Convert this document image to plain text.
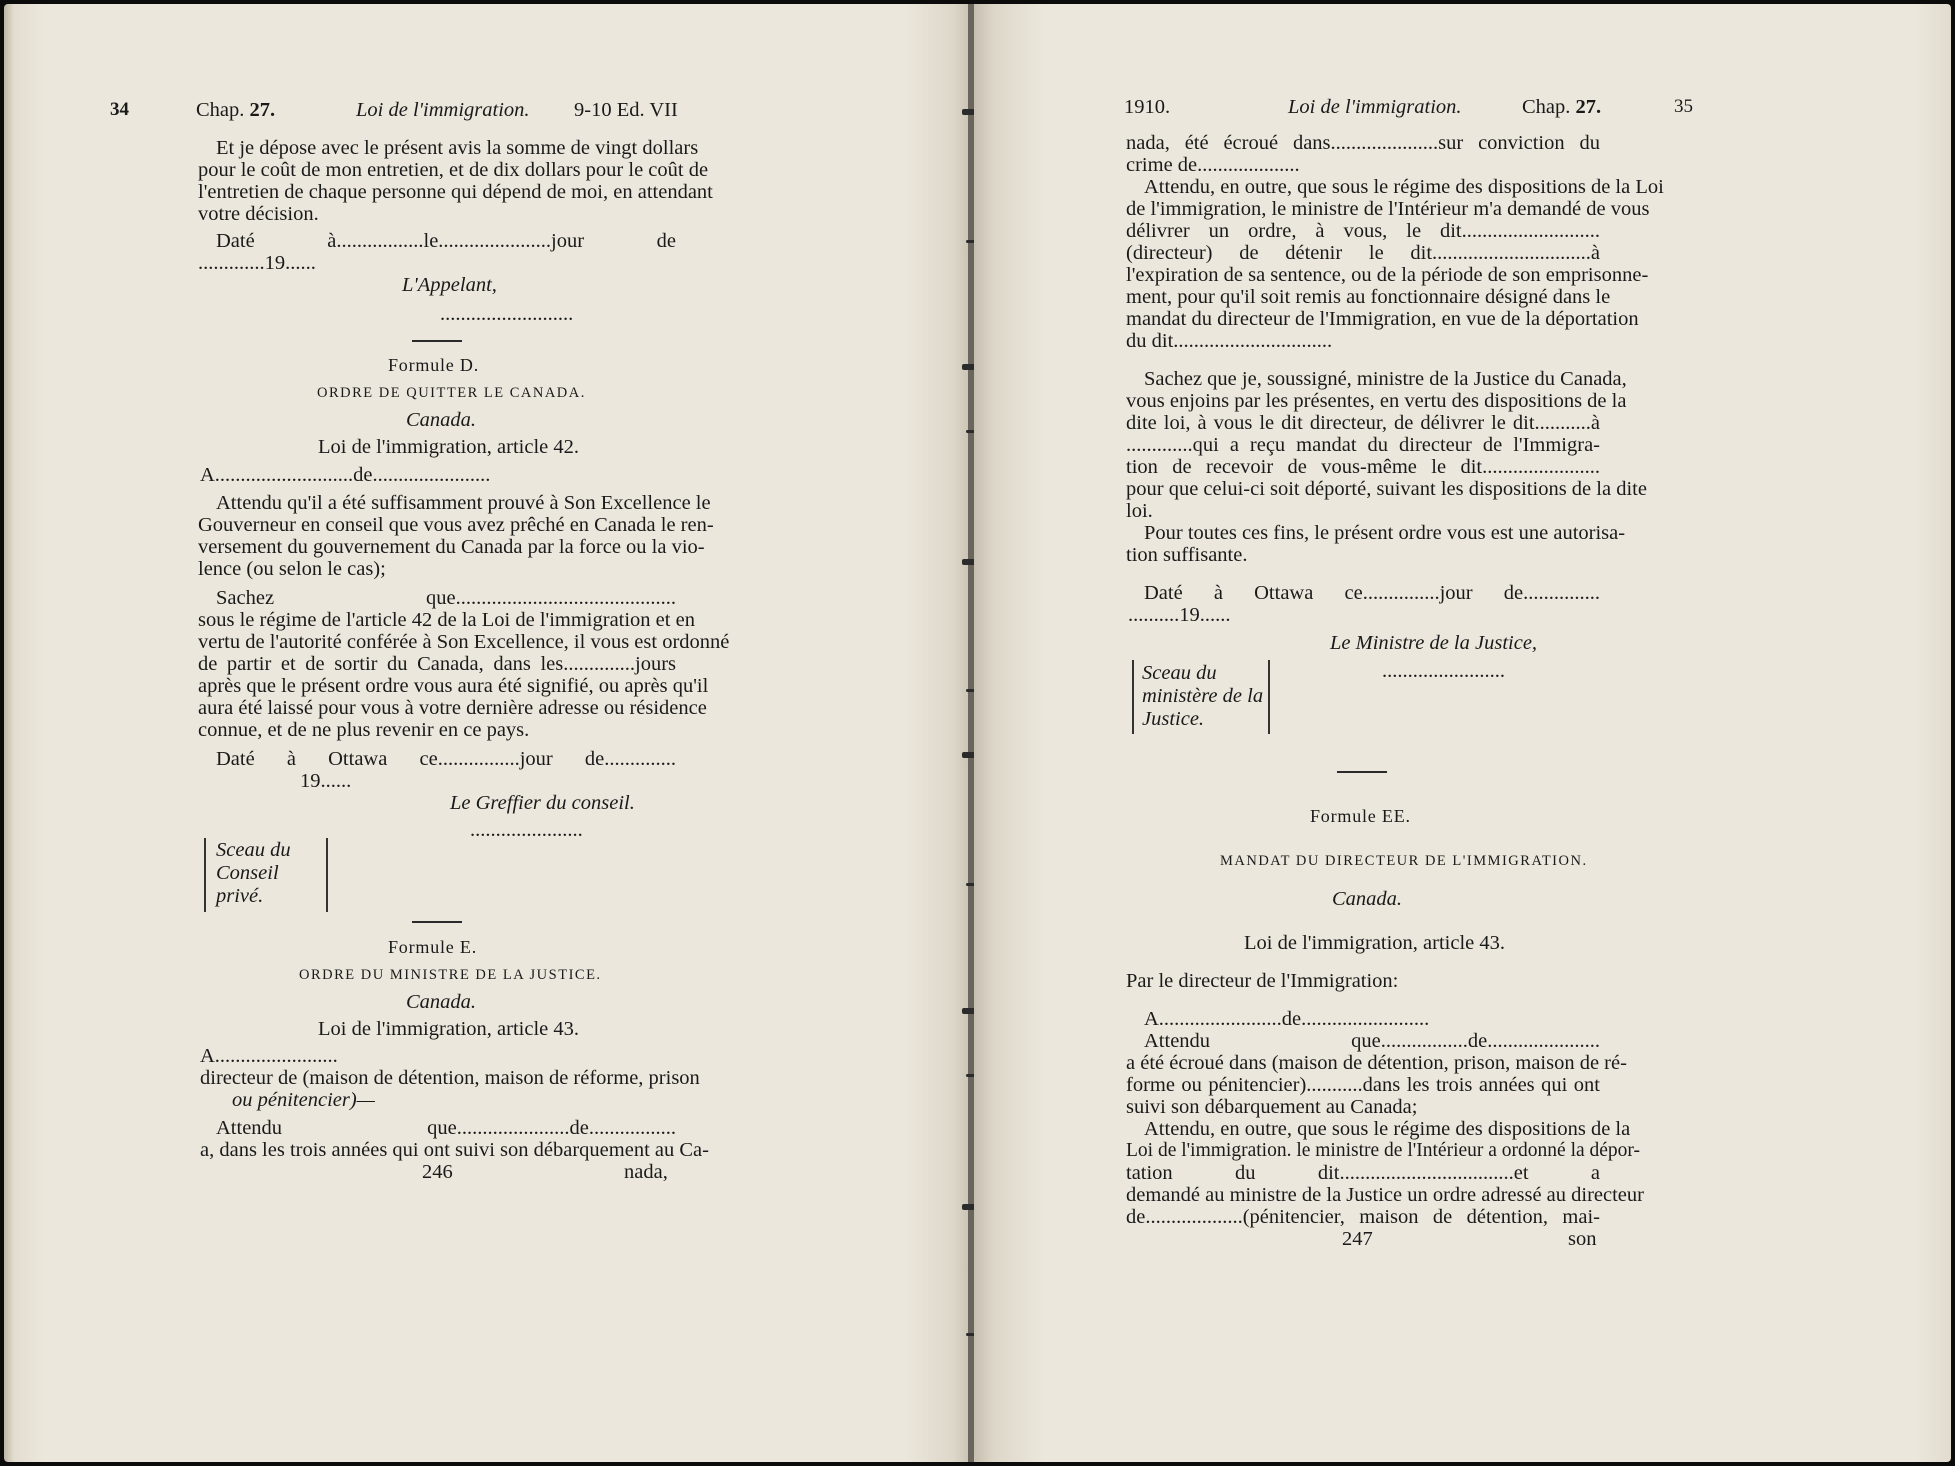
34	Chap. 27.	Loi de l'immigration. 9-10 Ed. VII
Et je dépose avec le présent avis la somme de vingt dollars
pour le coût de mon entretien, et de dix dollars pour le coût de
l'entretien de chaque personne qui dépend de moi, en attendant
votre décision.
Daté à.................le......................jour de
.............19......
L'Appelant,
..........................
Formule D.
ORDRE DE QUITTER LE CANADA.
Canada.
Loi de l'immigration, article 42.
A...........................de.......................
Attendu qu'il a été suffisamment prouvé à Son Excellence le
Gouverneur en conseil que vous avez prêché en Canada le ren-
versement du gouvernement du Canada par la force ou la vio-
lence (ou selon le cas);
Sachez que...........................................
sous le régime de l'article 42 de la Loi de l'immigration et en
vertu de l'autorité conférée à Son Excellence, il vous est ordonné
de partir et de sortir du Canada, dans les..............jours
après que le présent ordre vous aura été signifié, ou après qu'il
aura été laissé pour vous à votre dernière adresse ou résidence
connue, et de ne plus revenir en ce pays.
Daté à Ottawa ce................jour de..............
19......
Le Greffier du conseil.
......................
Sceau du
Conseil
privé.
Formule E.
ORDRE DU MINISTRE DE LA JUSTICE.
Canada.
Loi de l'immigration, article 43.
A........................
directeur de (maison de détention, maison de réforme, prison
ou pénitencier)—
Attendu que......................de.................
a, dans les trois années qui ont suivi son débarquement au Ca-
246	nada,
1910.	Loi de l'immigration.	Chap. 27.	35
nada, été écroué dans.....................sur conviction du
crime de....................
Attendu, en outre, que sous le régime des dispositions de la Loi
de l'immigration, le ministre de l'Intérieur m'a demandé de vous
délivrer un ordre, à vous, le dit...........................
(directeur) de détenir le dit...............................à
l'expiration de sa sentence, ou de la période de son emprisonne-
ment, pour qu'il soit remis au fonctionnaire désigné dans le
mandat du directeur de l'Immigration, en vue de la déportation
du dit...............................
Sachez que je, soussigné, ministre de la Justice du Canada,
vous enjoins par les présentes, en vertu des dispositions de la
dite loi, à vous le dit directeur, de délivrer le dit...........à
.............qui a reçu mandat du directeur de l'Immigra-
tion de recevoir de vous-même le dit.......................
pour que celui-ci soit déporté, suivant les dispositions de la dite
loi.
Pour toutes ces fins, le présent ordre vous est une autorisa-
tion suffisante.
Daté à Ottawa ce...............jour de...............
..........19......
Le Ministre de la Justice,
........................
Sceau du
ministère de la
Justice.
Formule EE.
MANDAT DU DIRECTEUR DE L'IMMIGRATION.
Canada.
Loi de l'immigration, article 43.
Par le directeur de l'Immigration:
A........................de.........................
Attendu que.................de......................
a été écroué dans (maison de détention, prison, maison de ré-
forme ou pénitencier)...........dans les trois années qui ont
suivi son débarquement au Canada;
Attendu, en outre, que sous le régime des dispositions de la
Loi de l'immigration. le ministre de l'Intérieur a ordonné la dépor-
tation du dit..................................et a
demandé au ministre de la Justice un ordre adressé au directeur
de...................(pénitencier, maison de détention, mai-
247	son
